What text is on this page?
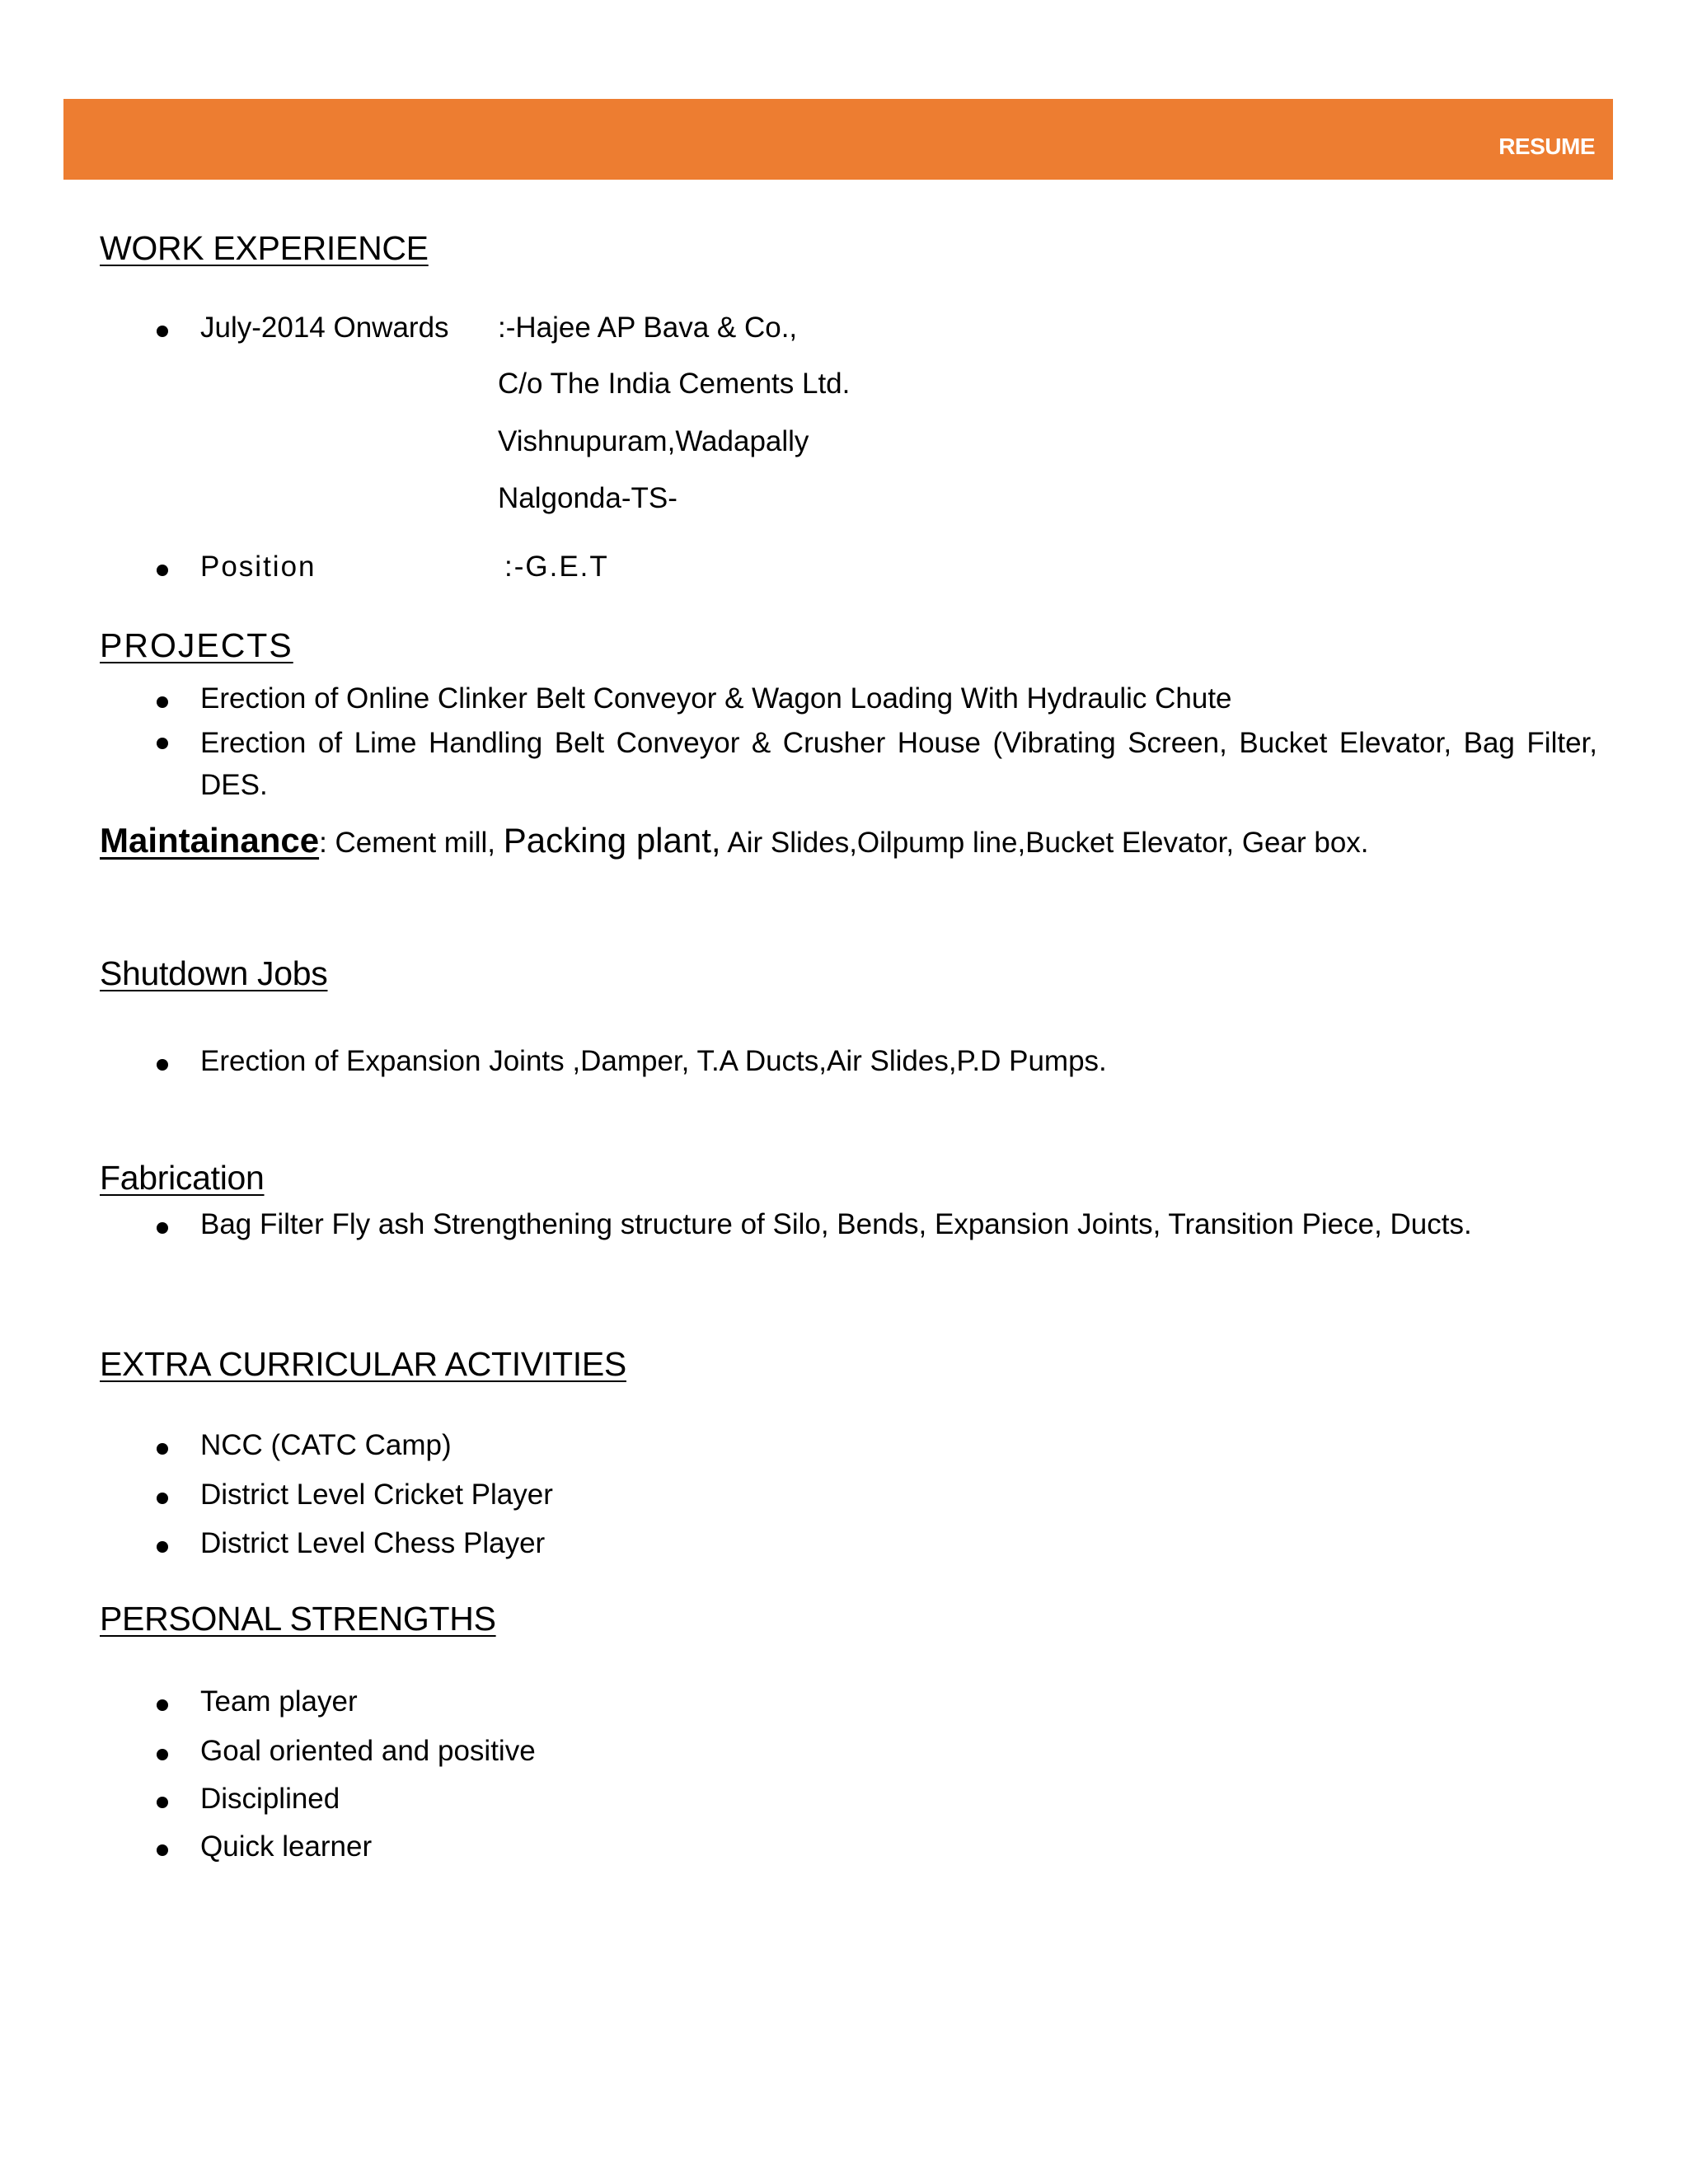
RESUME
WORK EXPERIENCE
July-2014 Onwards :-Hajee AP Bava & Co.,
C/o The India Cements Ltd.
Vishnupuram,Wadapally
Nalgonda-TS-
Position	:-G.E.T
PROJECTS
Erection of Online Clinker Belt Conveyor & Wagon Loading With Hydraulic Chute
Erection of Lime Handling Belt Conveyor & Crusher House (Vibrating Screen, Bucket Elevator, Bag Filter, DES.
Maintainance: Cement mill, Packing plant, Air Slides,Oilpump line,Bucket Elevator, Gear box.
Shutdown Jobs
Erection of Expansion Joints ,Damper, T.A Ducts,Air Slides,P.D Pumps.
Fabrication
Bag Filter Fly ash Strengthening structure of Silo, Bends, Expansion Joints, Transition Piece, Ducts.
EXTRA CURRICULAR ACTIVITIES
NCC (CATC Camp)
District Level Cricket Player
District Level Chess Player
PERSONAL STRENGTHS
Team player
Goal oriented and positive
Disciplined
Quick learner
